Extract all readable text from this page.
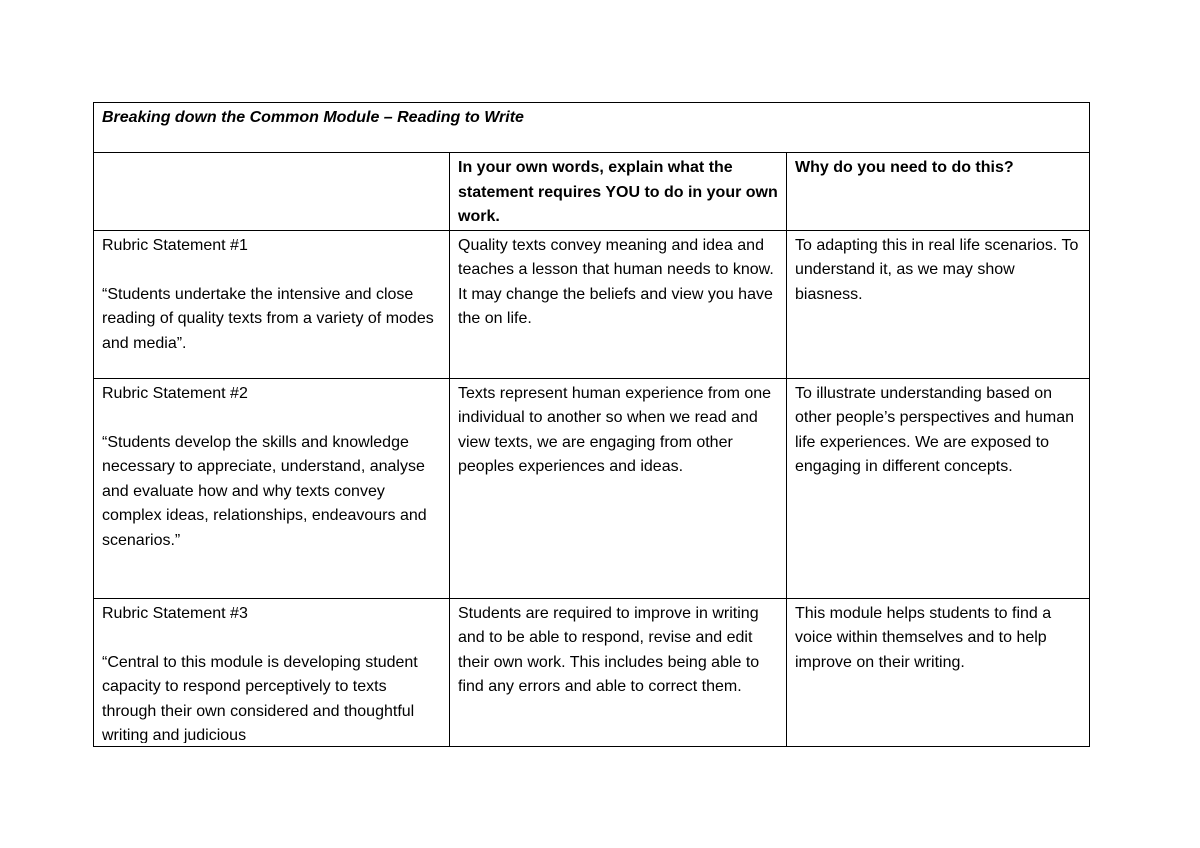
Breaking down the Common Module – Reading to Write		
	In your own words, explain what the statement requires YOU to do in your own work.	Why do you need to do this?

Rubric Statement #1
“Students undertake the intensive and close reading of quality texts from a variety of modes and media”.	Quality texts convey meaning and idea and teaches a lesson that human needs to know. It may change the beliefs and view you have the on life.	To adapting this in real life scenarios. To understand it, as we may show biasness.

Rubric Statement #2
“Students develop the skills and knowledge necessary to appreciate, understand, analyse and evaluate how and why texts convey complex ideas, relationships, endeavours and scenarios.”	Texts represent human experience from one individual to another so when we read and view texts, we are engaging from other peoples experiences and ideas.	To illustrate understanding based on other people’s perspectives and human life experiences. We are exposed to engaging in different concepts.

Rubric Statement #3
“Central to this module is developing student capacity to respond perceptively to texts through their own considered and thoughtful writing and judicious	Students are required to improve in writing and to be able to respond, revise and edit their own work. This includes being able to find any errors and able to correct them.	This module helps students to find a voice within themselves and to help improve on their writing.
